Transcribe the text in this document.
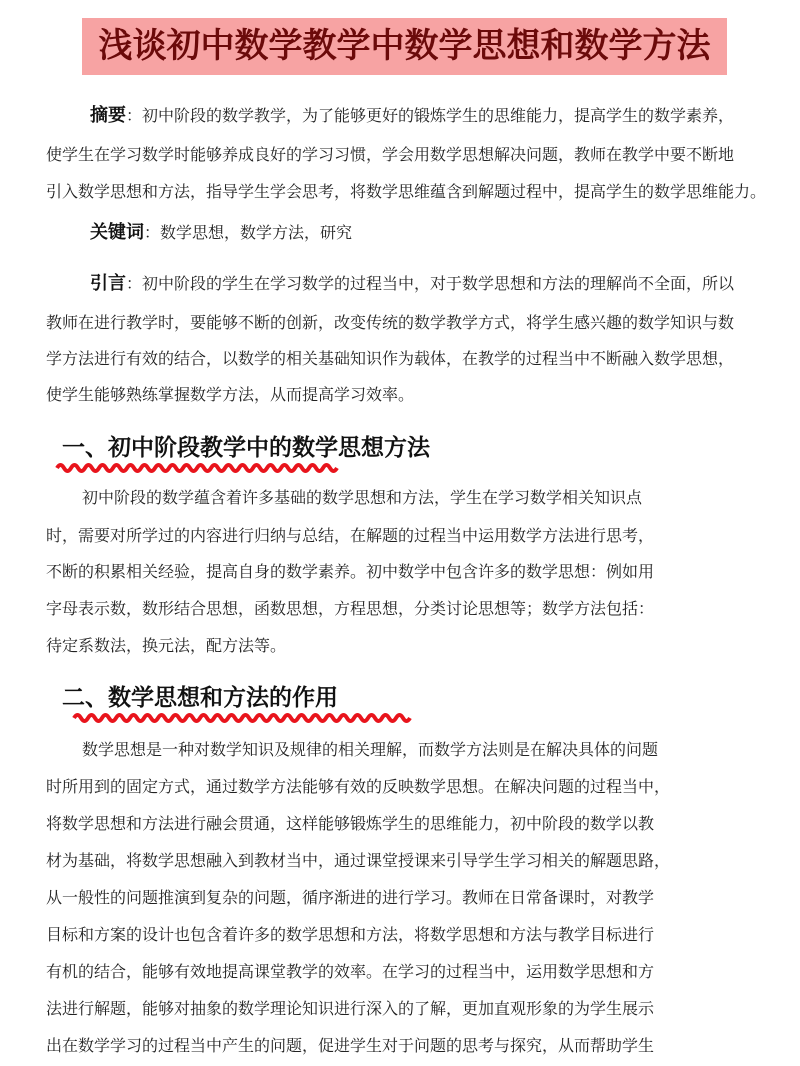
浅谈初中数学教学中数学思想和数学方法
摘要：初中阶段的数学教学，为了能够更好的锻炼学生的思维能力，提高学生的数学素养，
使学生在学习数学时能够养成良好的学习习惯，学会用数学思想解决问题，教师在教学中要不断地
引入数学思想和方法，指导学生学会思考，将数学思维蕴含到解题过程中，提高学生的数学思维能力。
关键词：数学思想，数学方法，研究
引言：初中阶段的学生在学习数学的过程当中，对于数学思想和方法的理解尚不全面，所以
教师在进行教学时，要能够不断的创新，改变传统的数学教学方式，将学生感兴趣的数学知识与数
学方法进行有效的结合，以数学的相关基础知识作为载体，在教学的过程当中不断融入数学思想，
使学生能够熟练掌握数学方法，从而提高学习效率。
一、初中阶段教学中的数学思想方法
初中阶段的数学蕴含着许多基础的数学思想和方法，学生在学习数学相关知识点
时，需要对所学过的内容进行归纳与总结，在解题的过程当中运用数学方法进行思考，
不断的积累相关经验，提高自身的数学素养。初中数学中包含许多的数学思想：例如用
字母表示数，数形结合思想，函数思想，方程思想，分类讨论思想等；数学方法包括：
待定系数法，换元法，配方法等。
二、数学思想和方法的作用
数学思想是一种对数学知识及规律的相关理解，而数学方法则是在解决具体的问题
时所用到的固定方式，通过数学方法能够有效的反映数学思想。在解决问题的过程当中，
将数学思想和方法进行融会贯通，这样能够锻炼学生的思维能力，初中阶段的数学以教
材为基础，将数学思想融入到教材当中，通过课堂授课来引导学生学习相关的解题思路，
从一般性的问题推演到复杂的问题，循序渐进的进行学习。教师在日常备课时，对教学
目标和方案的设计也包含着许多的数学思想和方法，将数学思想和方法与教学目标进行
有机的结合，能够有效地提高课堂教学的效率。在学习的过程当中，运用数学思想和方
法进行解题，能够对抽象的数学理论知识进行深入的了解，更加直观形象的为学生展示
出在数学学习的过程当中产生的问题，促进学生对于问题的思考与探究，从而帮助学生
